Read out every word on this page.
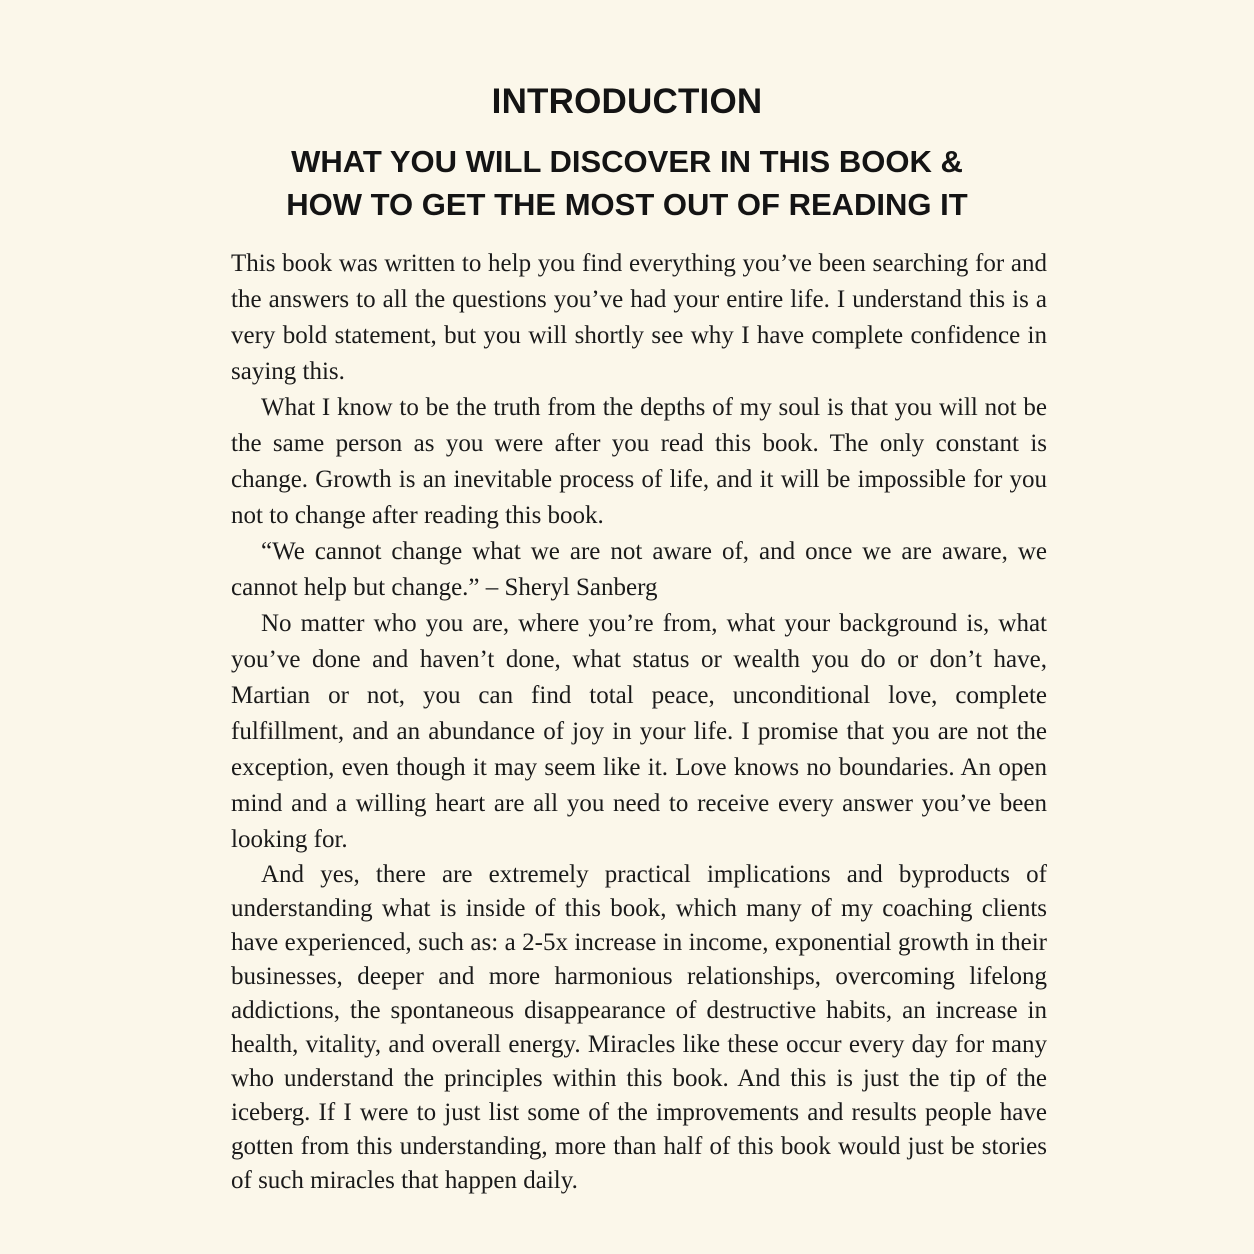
INTRODUCTION
WHAT YOU WILL DISCOVER IN THIS BOOK &
HOW TO GET THE MOST OUT OF READING IT

This book was written to help you find everything you’ve been searching for and the answers to all the questions you’ve had your entire life. I understand this is a very bold statement, but you will shortly see why I have complete confidence in saying this.

What I know to be the truth from the depths of my soul is that you will not be the same person as you were after you read this book. The only constant is change. Growth is an inevitable process of life, and it will be impossible for you not to change after reading this book.

“We cannot change what we are not aware of, and once we are aware, we cannot help but change.” – Sheryl Sanberg

No matter who you are, where you’re from, what your background is, what you’ve done and haven’t done, what status or wealth you do or don’t have, Martian or not, you can find total peace, unconditional love, complete fulfillment, and an abundance of joy in your life. I promise that you are not the exception, even though it may seem like it. Love knows no boundaries. An open mind and a willing heart are all you need to receive every answer you’ve been looking for.

And yes, there are extremely practical implications and byproducts of understanding what is inside of this book, which many of my coaching clients have experienced, such as: a 2-5x increase in income, exponential growth in their businesses, deeper and more harmonious relationships, overcoming lifelong addictions, the spontaneous disappearance of destructive habits, an increase in health, vitality, and overall energy. Miracles like these occur every day for many who understand the principles within this book. And this is just the tip of the iceberg. If I were to just list some of the improvements and results people have gotten from this understanding, more than half of this book would just be stories of such miracles that happen daily.
